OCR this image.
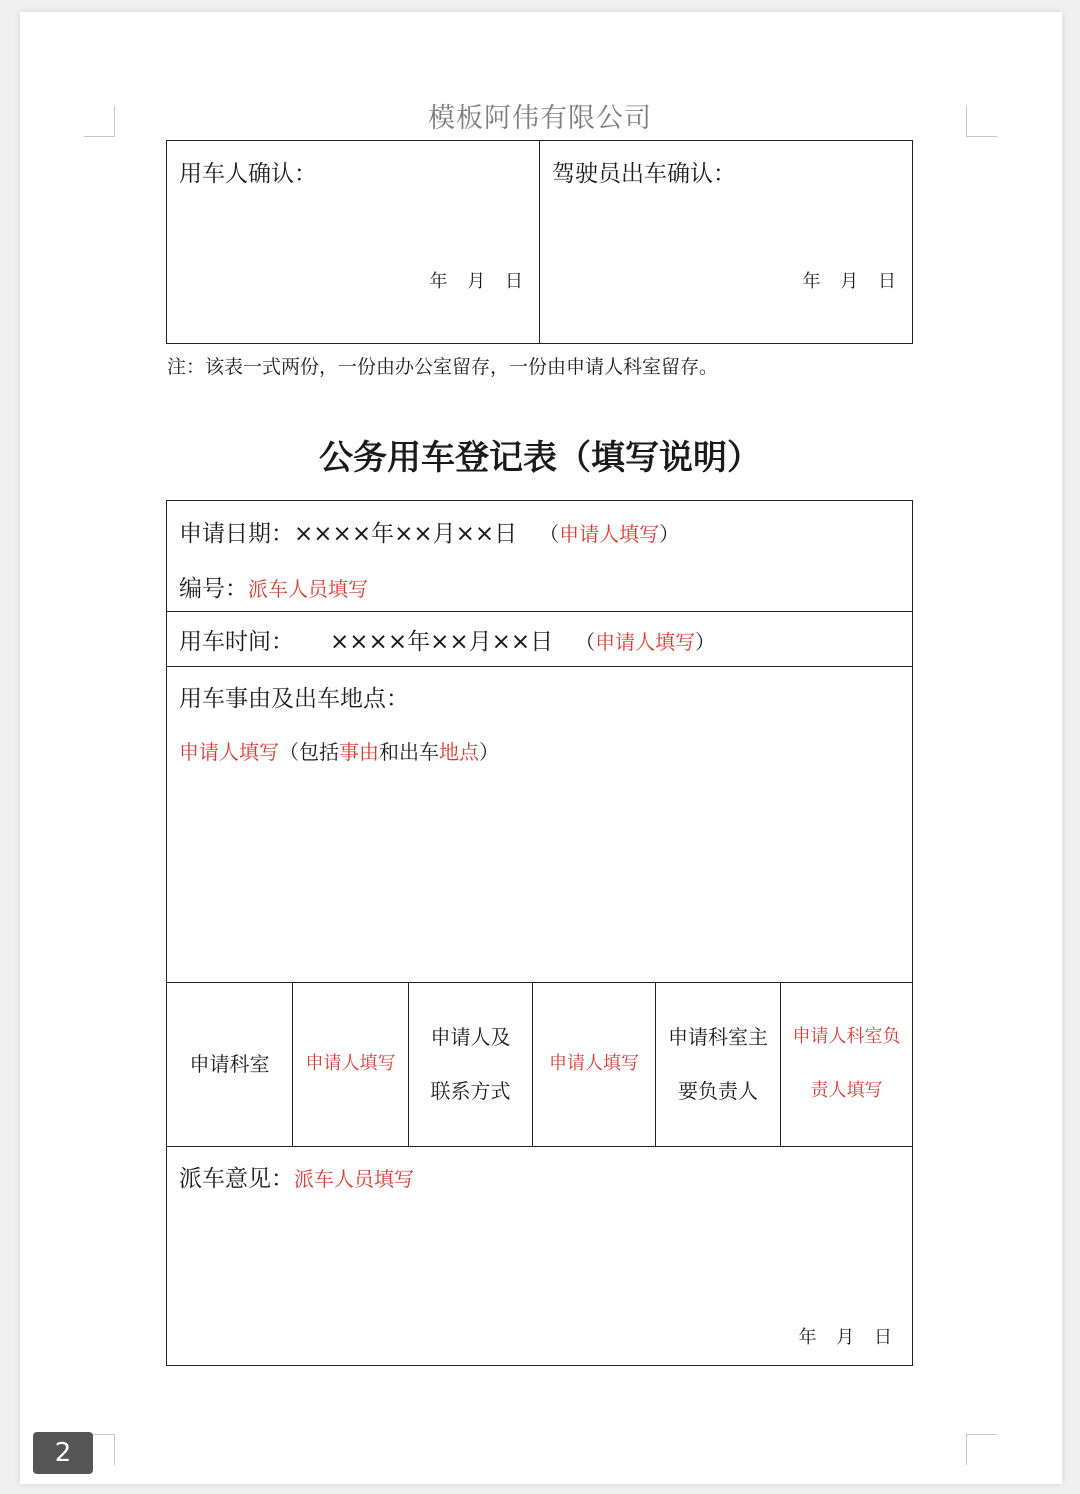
模板阿伟有限公司
用车人确认：
年 月 日
驾驶员出车确认：
年 月 日
注：该表一式两份，一份由办公室留存，一份由申请人科室留存。
公务用车登记表（填写说明）
申请日期：××××年××月××日 （申请人填写）
编号：派车人员填写
用车时间： ××××年××月××日 （申请人填写）
用车事由及出车地点：
申请人填写（包括事由和出车地点）
申请科室 申请人填写
申请人及
联系方式
申请人填写
申请科室主
要负责人
申请人科室负
责人填写
派车意见：派车人员填写
年 月 日
2
